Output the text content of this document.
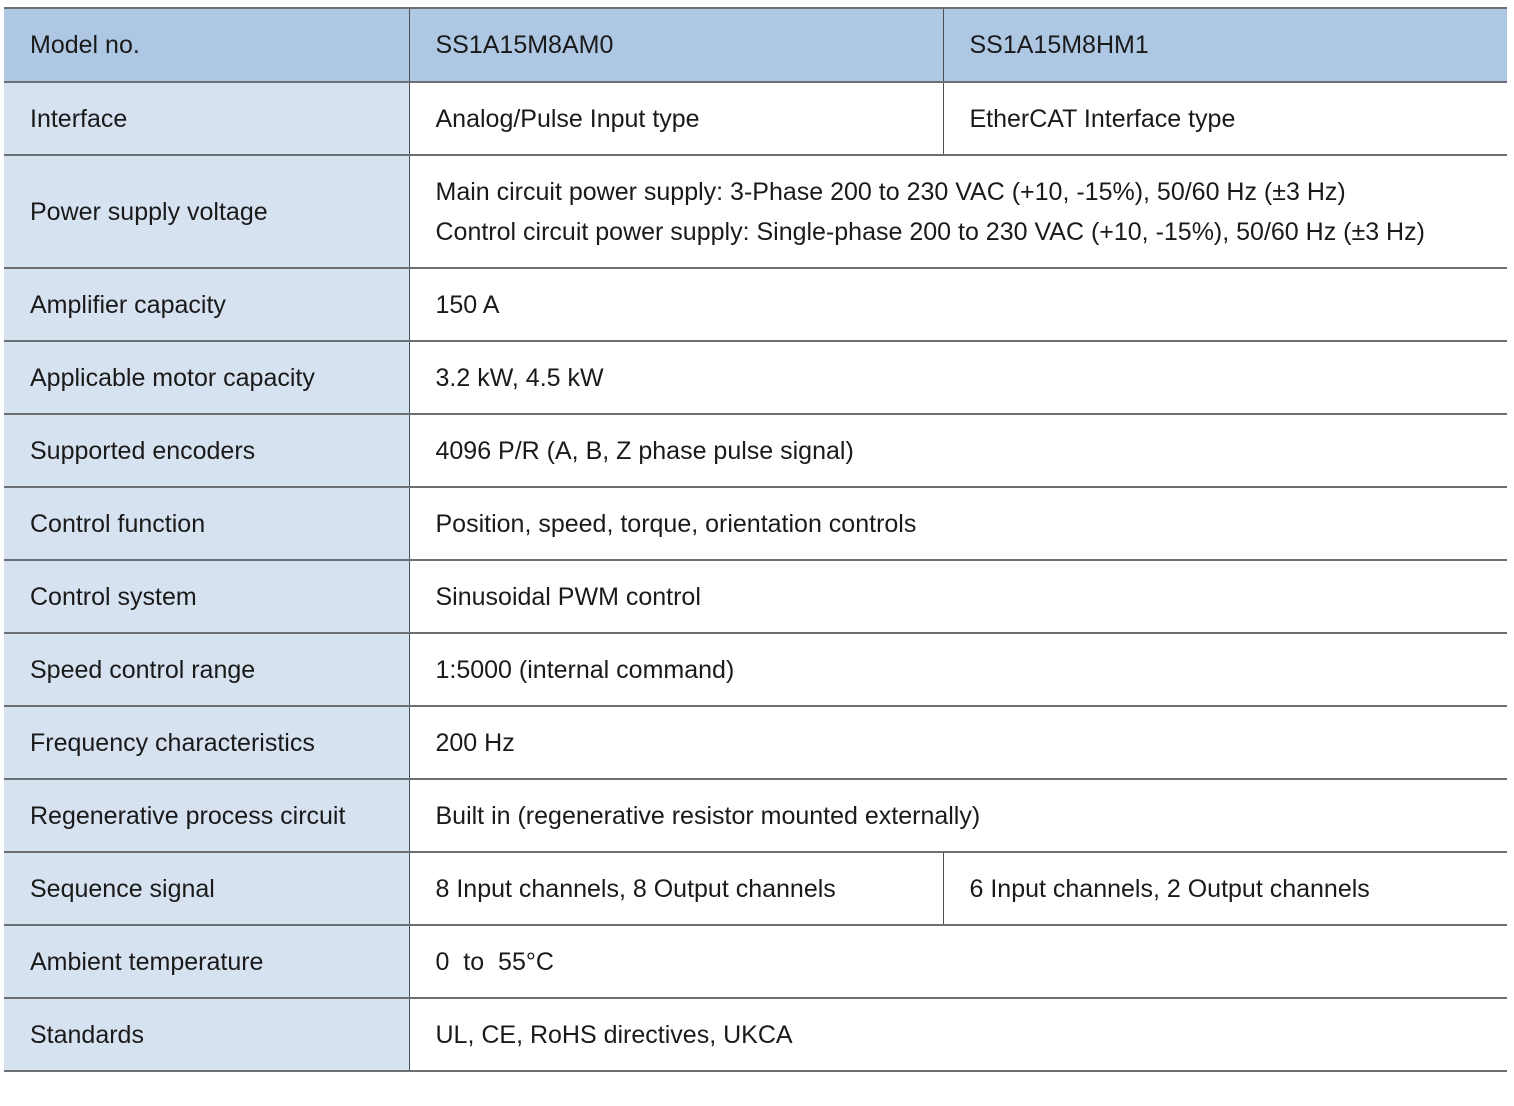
Model no.	SS1A15M8AM0	SS1A15M8HM1
Interface	Analog/Pulse Input type	EtherCAT Interface type
Power supply voltage	Main circuit power supply: 3-Phase 200 to 230 VAC (+10, -15%), 50/60 Hz (±3 Hz)
Control circuit power supply: Single-phase 200 to 230 VAC (+10, -15%), 50/60 Hz (±3 Hz)	

Amplifier capacity	150 A	
Applicable motor capacity	3.2 kW, 4.5 kW	
Supported encoders	4096 P/R (A, B, Z phase pulse signal)	
Control function	Position, speed, torque, orientation controls	
Control system	Sinusoidal PWM control	
Speed control range	1:5000 (internal command)	
Frequency characteristics	200 Hz	
Regenerative process circuit	Built in (regenerative resistor mounted externally)	
Sequence signal	8 Input channels, 8 Output channels	6 Input channels, 2 Output channels
Ambient temperature	0  to  55°C	
Standards	UL, CE, RoHS directives, UKCA	
